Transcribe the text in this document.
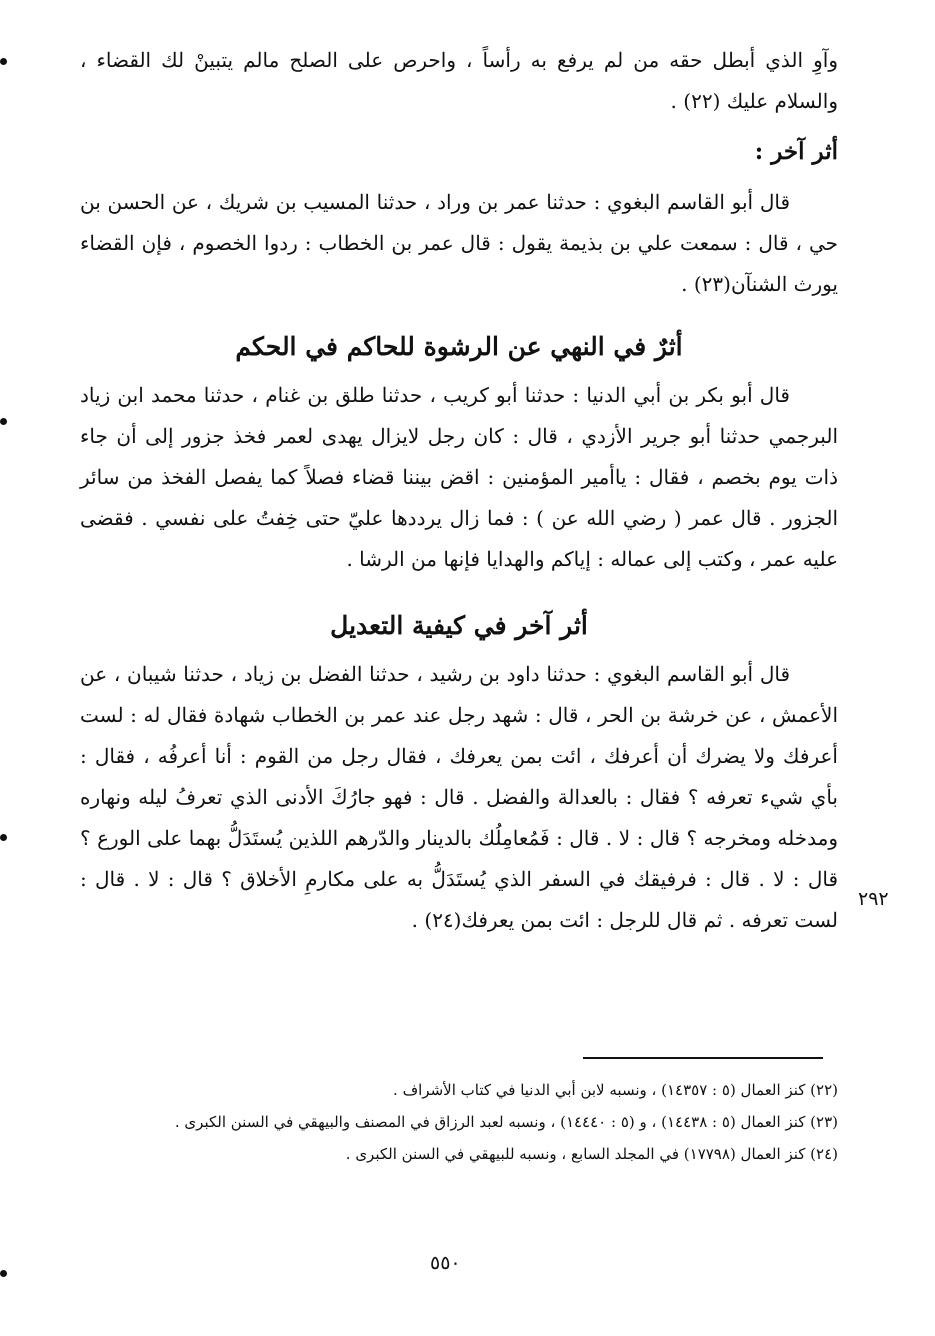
وآوِ الذي أبطل حقه من لم يرفع به رأساً ، واحرص على الصلح مالم يتبينْ لك القضاء ، والسلام عليك (٢٢) .

أثر آخر :

قال أبو القاسم البغوي : حدثنا عمر بن وراد ، حدثنا المسيب بن شريك ، عن الحسن بن حي ، قال : سمعت علي بن بذيمة يقول : قال عمر بن الخطاب : ردوا الخصوم ، فإن القضاء يورث الشنآن(٢٣) .

أثرٌ في النهي عن الرشوة للحاكم في الحكم

قال أبو بكر بن أبي الدنيا : حدثنا أبو كريب ، حدثنا طلق بن غنام ، حدثنا محمد ابن زياد البرجمي حدثنا أبو جرير الأزدي ، قال : كان رجل لايزال يهدى لعمر فخذ جزور إلى أن جاء ذات يوم بخصم ، فقال : ياأمير المؤمنين : اقض بيننا قضاء فصلاً كما يفصل الفخذ من سائر الجزور . قال عمر ( رضي الله عن ) : فما زال يرددها عليّ حتى خِفتُ على نفسي . فقضى عليه عمر ، وكتب إلى عماله : إياكم والهدايا فإنها من الرشا .

أثر آخر في كيفية التعديل

قال أبو القاسم البغوي : حدثنا داود بن رشيد ، حدثنا الفضل بن زياد ، حدثنا شيبان ، عن الأعمش ، عن خرشة بن الحر ، قال : شهد رجل عند عمر بن الخطاب شهادة فقال له : لست أعرفك ولا يضرك أن أعرفك ، ائت بمن يعرفك ، فقال رجل من القوم : أنا أعرفُه ، فقال : بأي شيء تعرفه ؟ فقال : بالعدالة والفضل . قال : فهو جارُكَ الأدنى الذي تعرفُ ليله ونهاره ومدخله ومخرجه ؟ قال : لا . قال : فَمُعامِلُك بالدينار والدّرهم اللذين يُستَدَلُّ بهما على الورع ؟ قال : لا . قال : فرفيقك في السفر الذي يُستَدَلُّ به على مكارمِ الأخلاق ؟ قال : لا . قال : لست تعرفه . ثم قال للرجل : ائت بمن يعرفك(٢٤) .

٢٩٢

(٢٢) كنز العمال (٥ : ١٤٣٥٧) ، ونسبه لابن أبي الدنيا في كتاب الأشراف .

(٢٣) كنز العمال (٥ : ١٤٤٣٨) ، و (٥ : ١٤٤٤٠) ، ونسبه لعبد الرزاق في المصنف والبيهقي في السنن الكبرى .

(٢٤) كنز العمال (١٧٧٩٨) في المجلد السابع ، ونسبه للبيهقي في السنن الكبرى .

٥٥٠
